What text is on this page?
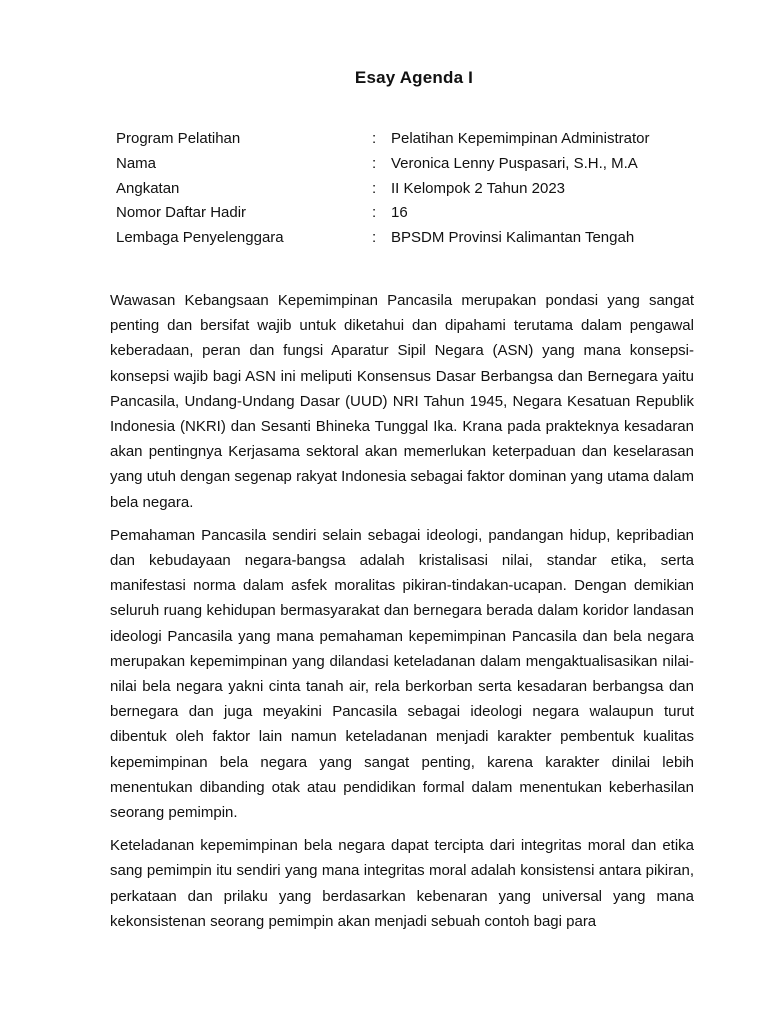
Esay Agenda I
Program Pelatihan	: Pelatihan Kepemimpinan Administrator
Nama	: Veronica Lenny Puspasari, S.H., M.A
Angkatan	: II Kelompok 2 Tahun 2023
Nomor Daftar Hadir	: 16
Lembaga Penyelenggara	: BPSDM Provinsi Kalimantan Tengah

Wawasan Kebangsaan Kepemimpinan Pancasila merupakan pondasi yang sangat penting dan bersifat wajib untuk diketahui dan dipahami terutama dalam pengawal keberadaan, peran dan fungsi Aparatur Sipil Negara (ASN) yang mana konsepsi-konsepsi wajib bagi ASN ini meliputi Konsensus Dasar Berbangsa dan Bernegara yaitu Pancasila, Undang-Undang Dasar (UUD) NRI Tahun 1945, Negara Kesatuan Republik Indonesia (NKRI) dan Sesanti Bhineka Tunggal Ika. Krana pada prakteknya kesadaran akan pentingnya Kerjasama sektoral akan memerlukan keterpaduan dan keselarasan yang utuh dengan segenap rakyat Indonesia sebagai faktor dominan yang utama dalam bela negara.

Pemahaman Pancasila sendiri selain sebagai ideologi, pandangan hidup, kepribadian dan kebudayaan negara-bangsa adalah kristalisasi nilai, standar etika, serta manifestasi norma dalam asfek moralitas pikiran-tindakan-ucapan. Dengan demikian seluruh ruang kehidupan bermasyarakat dan bernegara berada dalam koridor landasan ideologi Pancasila yang mana pemahaman kepemimpinan Pancasila dan bela negara merupakan kepemimpinan yang dilandasi keteladanan dalam mengaktualisasikan nilai-nilai bela negara yakni cinta tanah air, rela berkorban serta kesadaran berbangsa dan bernegara dan juga meyakini Pancasila sebagai ideologi negara walaupun turut dibentuk oleh faktor lain namun keteladanan menjadi karakter pembentuk kualitas kepemimpinan bela negara yang sangat penting, karena karakter dinilai lebih menentukan dibanding otak atau pendidikan formal dalam menentukan keberhasilan seorang pemimpin.

Keteladanan kepemimpinan bela negara dapat tercipta dari integritas moral dan etika sang pemimpin itu sendiri yang mana integritas moral adalah konsistensi antara pikiran, perkataan dan prilaku yang berdasarkan kebenaran yang universal yang mana kekonsistenan seorang pemimpin akan menjadi sebuah contoh bagi para
